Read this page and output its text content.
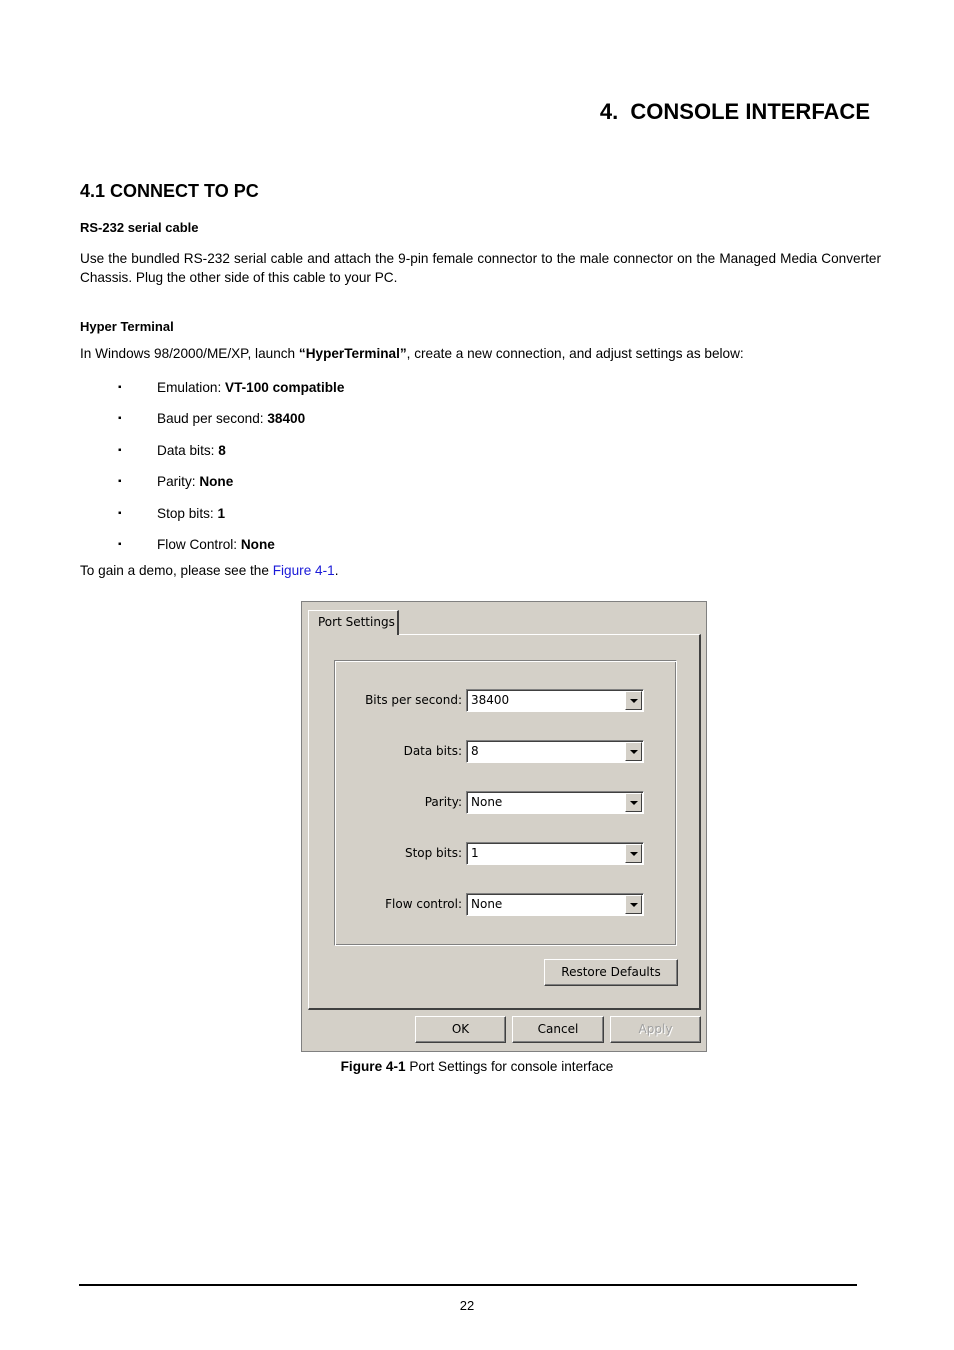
4. CONSOLE INTERFACE
4.1 CONNECT TO PC
RS-232 serial cable
Use the bundled RS-232 serial cable and attach the 9-pin female connector to the male connector on the Managed Media Converter Chassis. Plug the other side of this cable to your PC.
Hyper Terminal
In Windows 98/2000/ME/XP, launch “HyperTerminal”, create a new connection, and adjust settings as below:
▪	Emulation: VT-100 compatible
▪	Baud per second: 38400
▪	Data bits: 8
▪	Parity: None
▪	Stop bits: 1
▪	Flow Control: None
To gain a demo, please see the Figure 4-1.
Port Settings
Bits per second: 38400
Data bits: 8
Parity: None
Stop bits: 1
Flow control: None
Restore Defaults
OK	Cancel	Apply
Figure 4-1 Port Settings for console interface
22
